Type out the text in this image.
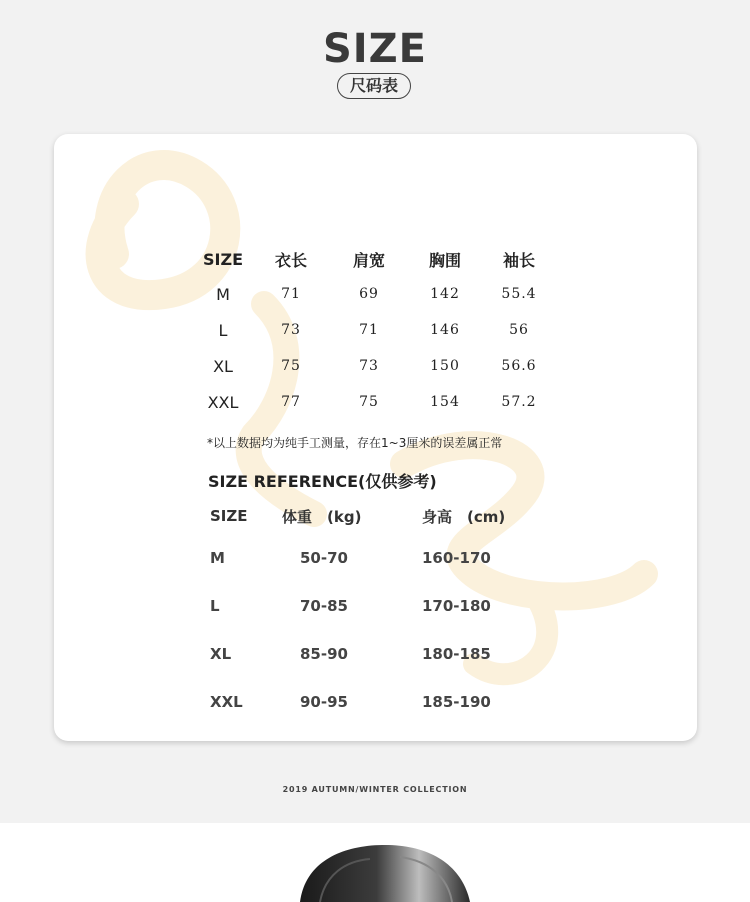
SIZE
尺码表
SIZE	衣长	肩宽	胸围	袖长
M	71	69	142	55.4
L	73	71	146	56
XL	75	73	150	56.6
XXL	77	75	154	57.2
*以上数据均为纯手工测量，存在1~3厘米的误差属正常
SIZE REFERENCE(仅供参考)
SIZE	体重　(kg)	身高　(cm)
M	50-70	160-170
L	70-85	170-180
XL	85-90	180-185
XXL	90-95	185-190
2019 AUTUMN/WINTER COLLECTION
